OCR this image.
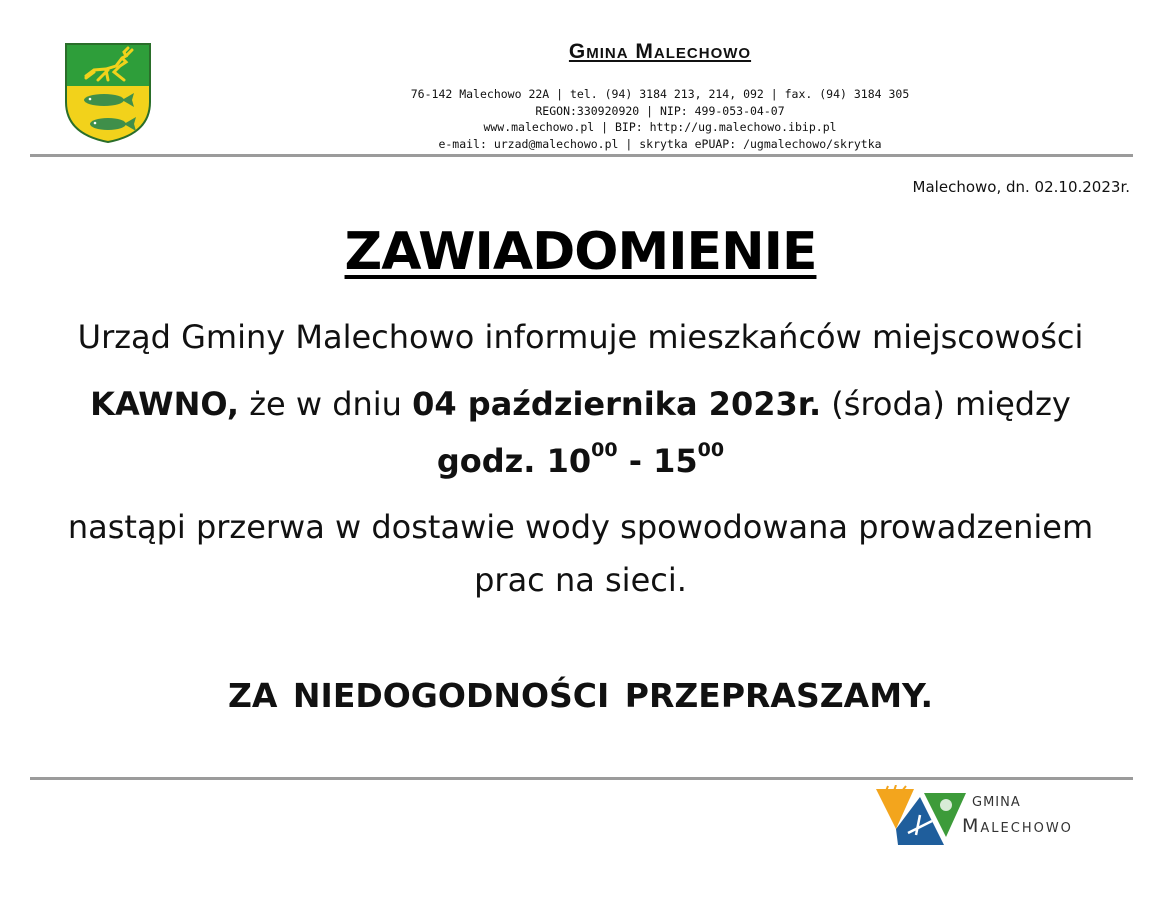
Gmina Malechowo
76-142 Malechowo 22A | tel. (94) 3184 213, 214, 092 | fax. (94) 3184 305
REGON:330920920 | NIP: 499-053-04-07
www.malechowo.pl | BIP: http://ug.malechowo.ibip.pl
e-mail: urzad@malechowo.pl | skrytka ePUAP: /ugmalechowo/skrytka
Malechowo, dn. 02.10.2023r.
ZAWIADOMIENIE
Urząd Gminy Malechowo informuje mieszkańców miejscowości
KAWNO, że w dniu 04 października 2023r. (środa) między
godz. $10^{00} - 15^{00}$
nastąpi przerwa w dostawie wody spowodowana prowadzeniem
prac na sieci.
ZA NIEDOGODNOŚCI PRZEPRASZAMY.
GMINA
Malechowo
